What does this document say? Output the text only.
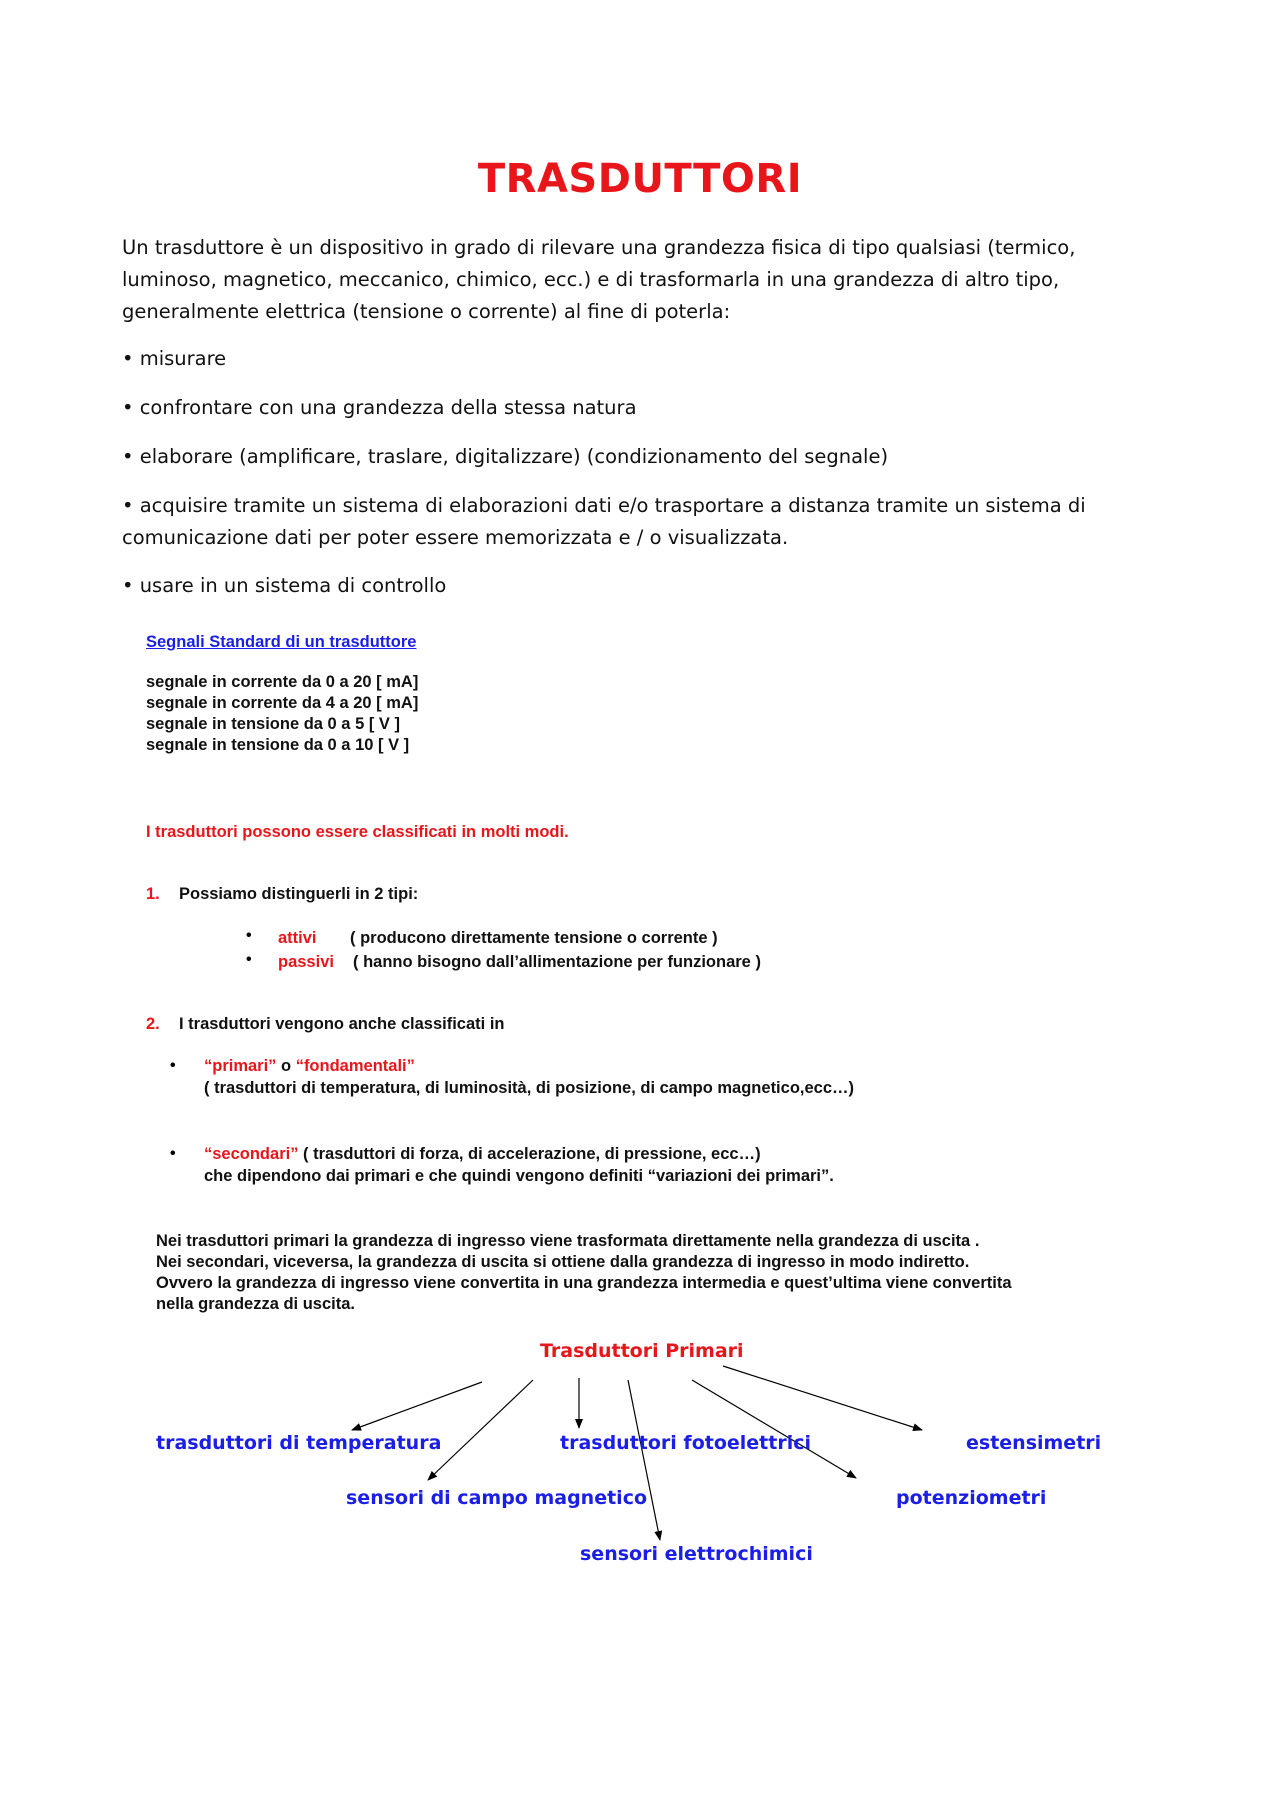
TRASDUTTORI
Un trasduttore è un dispositivo in grado di rilevare una grandezza fisica di tipo qualsiasi (termico, luminoso, magnetico, meccanico, chimico, ecc.) e di trasformarla in una grandezza di altro tipo, generalmente elettrica (tensione o corrente) al fine di poterla:
• misurare
• confrontare con una grandezza della stessa natura
• elaborare (amplificare, traslare, digitalizzare) (condizionamento del segnale)
• acquisire tramite un sistema di elaborazioni dati e/o trasportare a distanza tramite un sistema di comunicazione dati per poter essere memorizzata e / o visualizzata.
• usare in un sistema di controllo
Segnali Standard di un trasduttore
segnale in corrente da 0 a 20 [ mA]
segnale in corrente da 4 a 20 [ mA]
segnale in tensione da 0 a 5 [ V ]
segnale in tensione da 0 a 10 [ V ]
I trasduttori possono essere classificati in molti modi.
1. Possiamo distinguerli in 2 tipi:
• attivi ( producono direttamente tensione o corrente )
• passivi ( hanno bisogno dall’allimentazione per funzionare )
2. I trasduttori vengono anche classificati in
• “primari” o “fondamentali”
( trasduttori di temperatura, di luminosità, di posizione, di campo magnetico,ecc…)
• “secondari” ( trasduttori di forza, di accelerazione, di pressione, ecc…)
che dipendono dai primari e che quindi vengono definiti “variazioni dei primari”.
Nei trasduttori primari la grandezza di ingresso viene trasformata direttamente nella grandezza di uscita .
Nei secondari, viceversa, la grandezza di uscita si ottiene dalla grandezza di ingresso in modo indiretto.
Ovvero la grandezza di ingresso viene convertita in una grandezza intermedia e quest’ultima viene convertita
nella grandezza di uscita.
Trasduttori Primari
trasduttori di temperatura	trasduttori fotoelettrici	estensimetri
sensori di campo magnetico	potenziometri
sensori elettrochimici
